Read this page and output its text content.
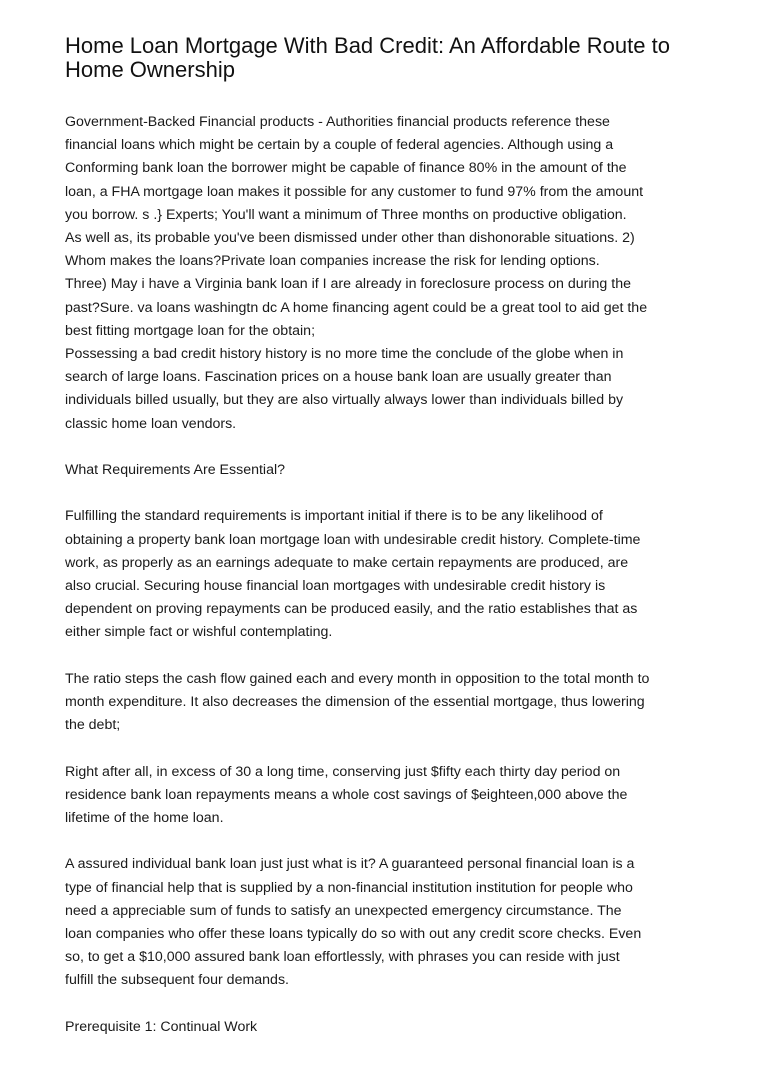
Home Loan Mortgage With Bad Credit: An Affordable Route to Home Ownership

Government-Backed Financial products - Authorities financial products reference these
financial loans which might be certain by a couple of federal agencies. Although using a
Conforming bank loan the borrower might be capable of finance 80% in the amount of the
loan, a FHA mortgage loan makes it possible for any customer to fund 97% from the amount
you borrow. s .} Experts; You'll want a minimum of Three months on productive obligation.
As well as, its probable you've been dismissed under other than dishonorable situations. 2)
Whom makes the loans?Private loan companies increase the risk for lending options.
Three) May i have a Virginia bank loan if I are already in foreclosure process on during the
past?Sure. va loans washingtn dc A home financing agent could be a great tool to aid get the
best fitting mortgage loan for the obtain;
Possessing a bad credit history history is no more time the conclude of the globe when in
search of large loans. Fascination prices on a house bank loan are usually greater than
individuals billed usually, but they are also virtually always lower than individuals billed by
classic home loan vendors.

What Requirements Are Essential?

Fulfilling the standard requirements is important initial if there is to be any likelihood of
obtaining a property bank loan mortgage loan with undesirable credit history. Complete-time
work, as properly as an earnings adequate to make certain repayments are produced, are
also crucial. Securing house financial loan mortgages with undesirable credit history is
dependent on proving repayments can be produced easily, and the ratio establishes that as
either simple fact or wishful contemplating.

The ratio steps the cash flow gained each and every month in opposition to the total month to
month expenditure. It also decreases the dimension of the essential mortgage, thus lowering
the debt;

Right after all, in excess of 30 a long time, conserving just $fifty each thirty day period on
residence bank loan repayments means a whole cost savings of $eighteen,000 above the
lifetime of the home loan.

A assured individual bank loan just just what is it? A guaranteed personal financial loan is a
type of financial help that is supplied by a non-financial institution institution for people who
need a appreciable sum of funds to satisfy an unexpected emergency circumstance. The
loan companies who offer these loans typically do so with out any credit score checks. Even
so, to get a $10,000 assured bank loan effortlessly, with phrases you can reside with just
fulfill the subsequent four demands.

Prerequisite 1: Continual Work
